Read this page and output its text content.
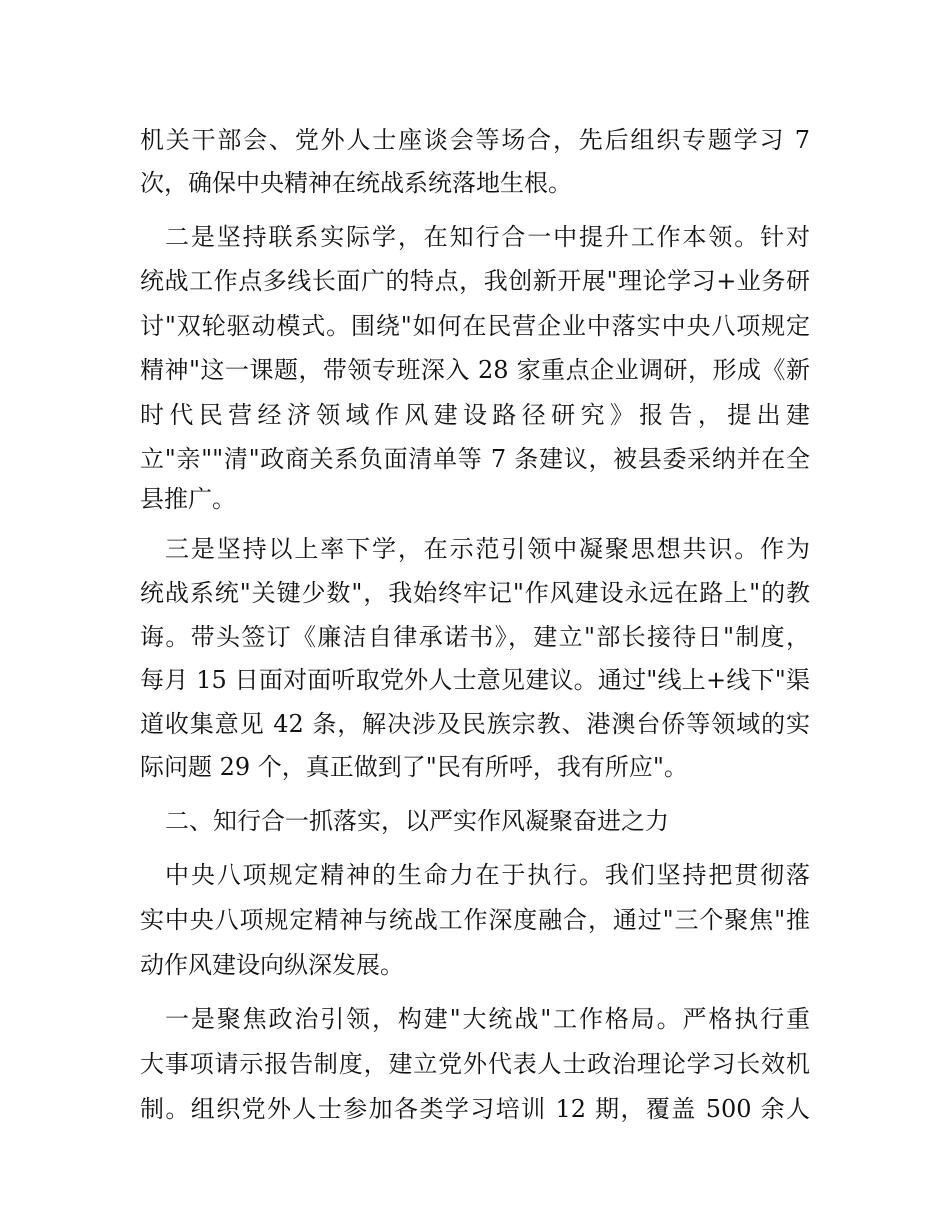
机关干部会、党外人士座谈会等场合，先后组织专题学习 7
次，确保中央精神在统战系统落地生根。
二是坚持联系实际学，在知行合一中提升工作本领。针对
统战工作点多线长面广的特点，我创新开展"理论学习+业务研
讨"双轮驱动模式。围绕"如何在民营企业中落实中央八项规定
精神"这一课题，带领专班深入 28 家重点企业调研，形成《新
时代民营经济领域作风建设路径研究》报告，提出建
立"亲""清"政商关系负面清单等 7 条建议，被县委采纳并在全
县推广。
三是坚持以上率下学，在示范引领中凝聚思想共识。作为
统战系统"关键少数"，我始终牢记"作风建设永远在路上"的教
诲。带头签订《廉洁自律承诺书》，建立"部长接待日"制度，
每月 15 日面对面听取党外人士意见建议。通过"线上+线下"渠
道收集意见 42 条，解决涉及民族宗教、港澳台侨等领域的实
际问题 29 个，真正做到了"民有所呼，我有所应"。
二、知行合一抓落实，以严实作风凝聚奋进之力
中央八项规定精神的生命力在于执行。我们坚持把贯彻落
实中央八项规定精神与统战工作深度融合，通过"三个聚焦"推
动作风建设向纵深发展。
一是聚焦政治引领，构建"大统战"工作格局。严格执行重
大事项请示报告制度，建立党外代表人士政治理论学习长效机
制。组织党外人士参加各类学习培训 12 期，覆盖 500 余人
